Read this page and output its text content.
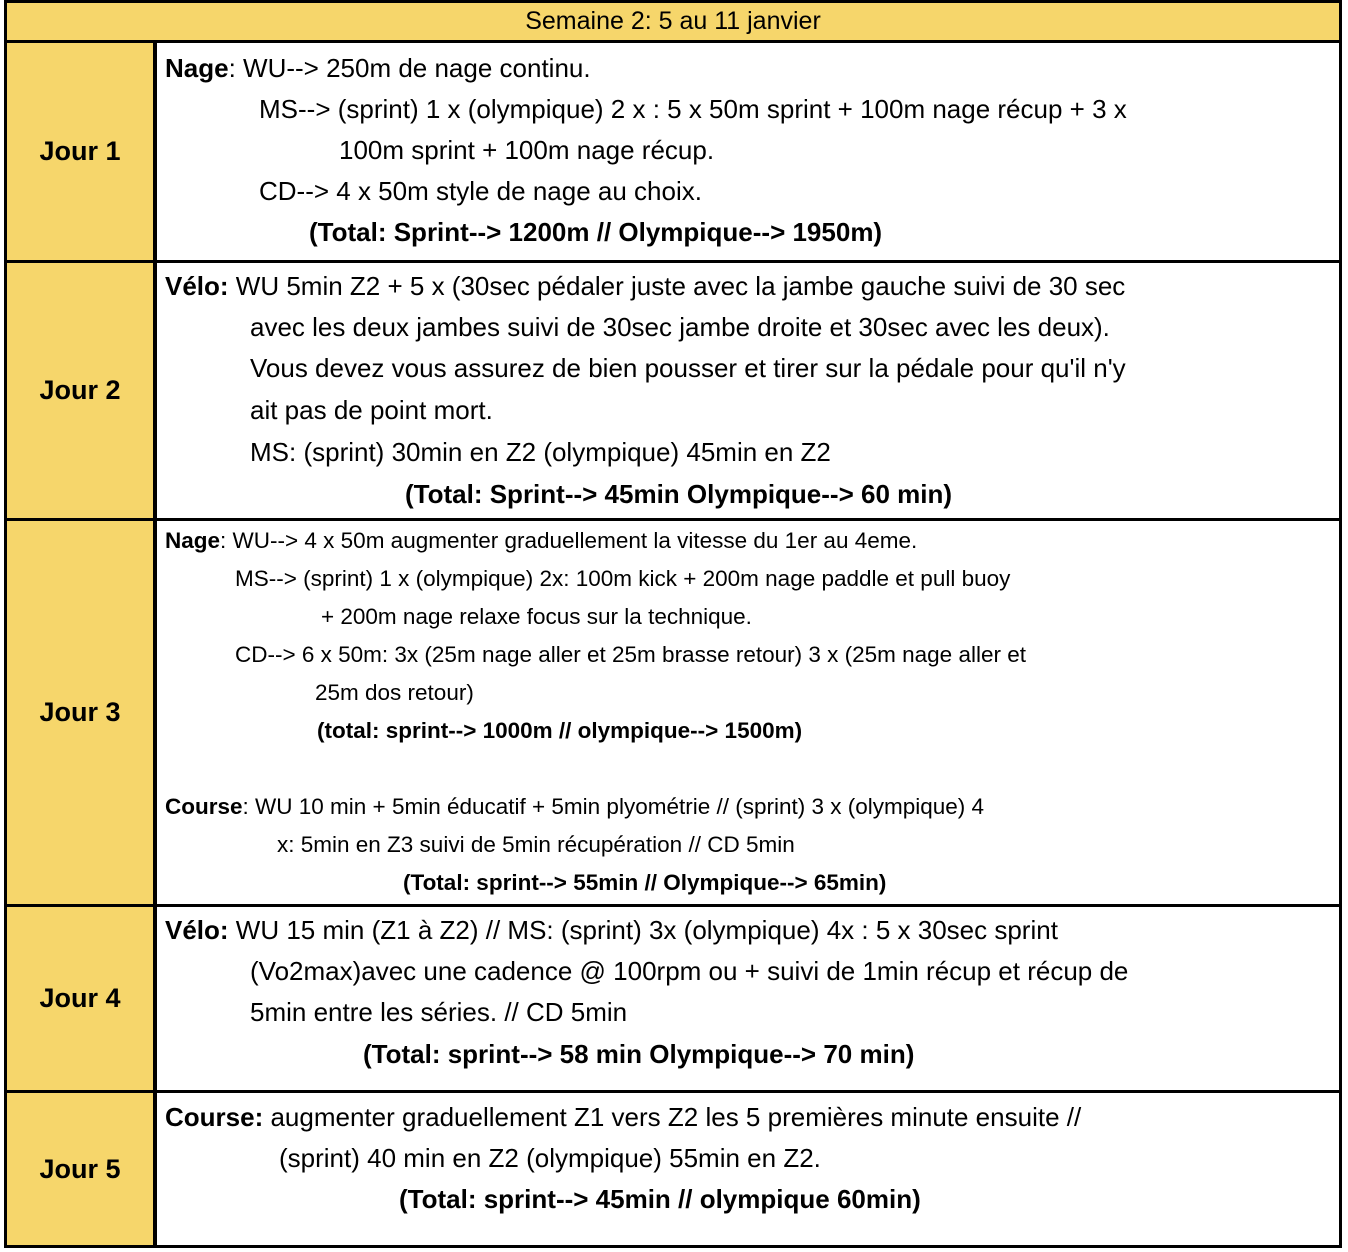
Semaine 2: 5 au 11 janvier
Jour 1
Nage: WU--> 250m de nage continu.
MS--> (sprint) 1 x (olympique) 2 x : 5 x 50m sprint + 100m nage récup + 3 x
100m sprint + 100m nage récup.
CD--> 4 x 50m style de nage au choix.
(Total: Sprint--> 1200m // Olympique--> 1950m)
Jour 2
Vélo: WU 5min Z2 + 5 x (30sec pédaler juste avec la jambe gauche suivi de 30 sec
avec les deux jambes suivi de 30sec jambe droite et 30sec avec les deux).
Vous devez vous assurez de bien pousser et tirer sur la pédale pour qu'il n'y
ait pas de point mort.
MS: (sprint) 30min en Z2 (olympique) 45min en Z2
(Total: Sprint--> 45min Olympique--> 60 min)
Jour 3
Nage: WU--> 4 x 50m augmenter graduellement la vitesse du 1er au 4eme.
MS--> (sprint) 1 x (olympique) 2x: 100m kick + 200m nage paddle et pull buoy
+ 200m nage relaxe focus sur la technique.
CD--> 6 x 50m: 3x (25m nage aller et 25m brasse retour) 3 x (25m nage aller et
25m dos retour)
(total: sprint--> 1000m // olympique--> 1500m)
Course: WU 10 min + 5min éducatif + 5min plyométrie // (sprint) 3 x (olympique) 4
x: 5min en Z3 suivi de 5min récupération // CD 5min
(Total: sprint--> 55min // Olympique--> 65min)
Jour 4
Vélo: WU 15 min (Z1 à Z2) // MS: (sprint) 3x (olympique) 4x : 5 x 30sec sprint
(Vo2max)avec une cadence @ 100rpm ou + suivi de 1min récup et récup de
5min entre les séries. // CD 5min
(Total: sprint--> 58 min Olympique--> 70 min)
Jour 5
Course: augmenter graduellement Z1 vers Z2 les 5 premières minute ensuite //
(sprint) 40 min en Z2 (olympique) 55min en Z2.
(Total: sprint--> 45min // olympique 60min)
